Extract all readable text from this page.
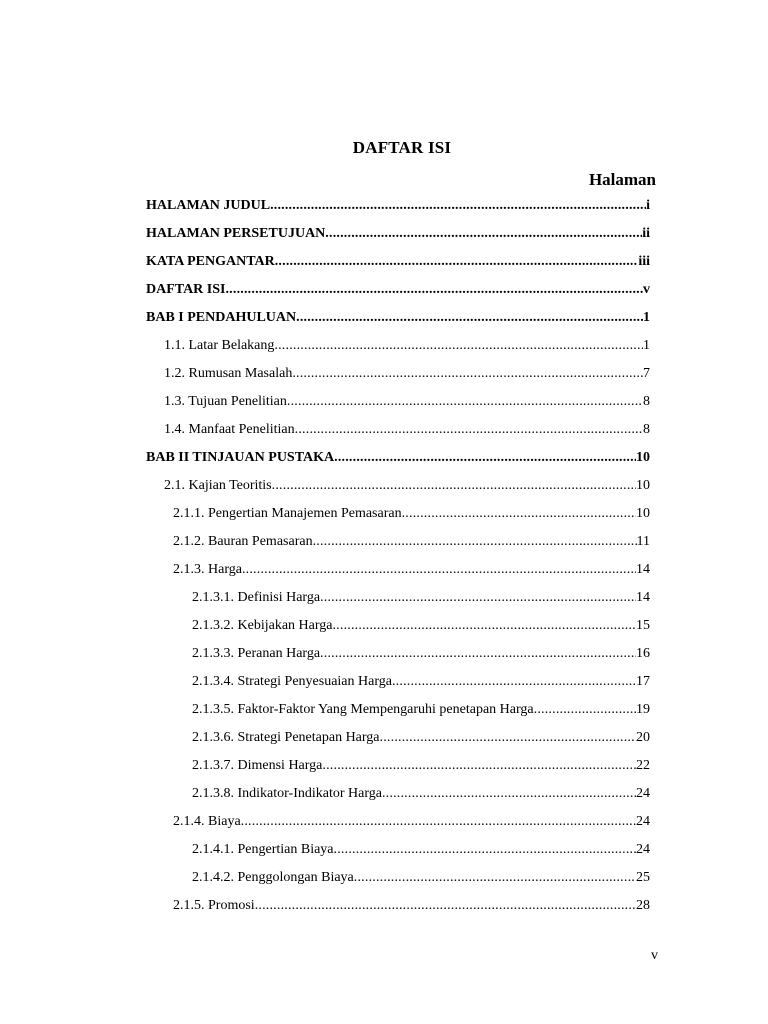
DAFTAR ISI
Halaman
HALAMAN JUDUL .....	i
HALAMAN PERSETUJUAN .....	ii
KATA PENGANTAR .....	iii
DAFTAR ISI .....	v
BAB I PENDAHULUAN .....	1
1.1. Latar Belakang .....	1
1.2. Rumusan Masalah .....	7
1.3. Tujuan Penelitian .....	8
1.4. Manfaat Penelitian .....	8
BAB II TINJAUAN PUSTAKA .....	10
2.1. Kajian Teoritis .....	10
2.1.1. Pengertian Manajemen Pemasaran .....	10
2.1.2. Bauran Pemasaran .....	11
2.1.3. Harga .....	14
2.1.3.1. Definisi Harga .....	14
2.1.3.2. Kebijakan Harga .....	15
2.1.3.3. Peranan Harga .....	16
2.1.3.4. Strategi Penyesuaian Harga .....	17
2.1.3.5. Faktor-Faktor Yang Mempengaruhi penetapan Harga .....	19
2.1.3.6. Strategi Penetapan Harga .....	20
2.1.3.7. Dimensi Harga .....	22
2.1.3.8. Indikator-Indikator Harga .....	24
2.1.4. Biaya .....	24
2.1.4.1. Pengertian Biaya .....	24
2.1.4.2. Penggolongan Biaya .....	25
2.1.5. Promosi .....	28
v
